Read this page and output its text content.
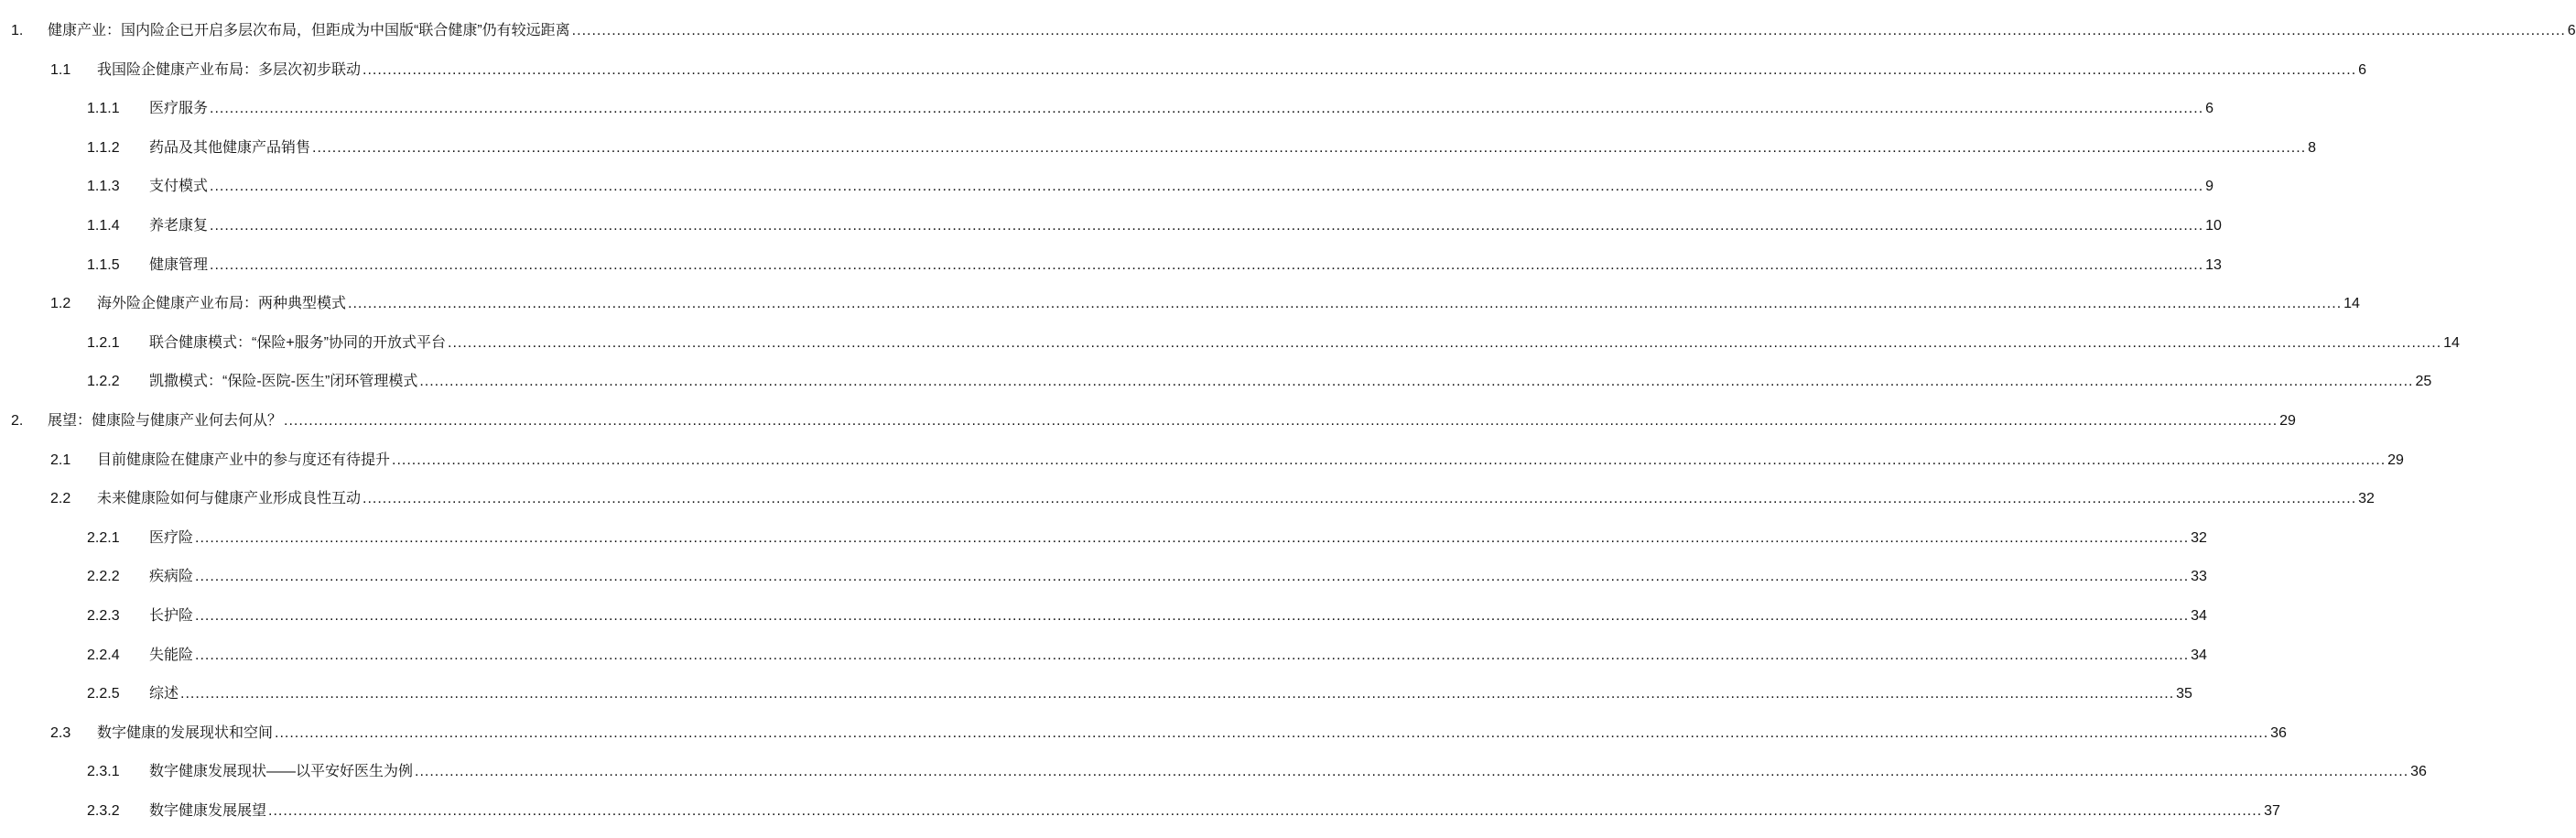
1. 健康产业：国内险企已开启多层次布局，但距成为中国版“联合健康”仍有较远距离 ................................................................................................................................................................................................................................................................................................................................................................................................................ 6
1.1 我国险企健康产业布局：多层次初步联动 ................................................................................................................................................................................................................................................................................................................................................................................................................ 6
1.1.1 医疗服务 ................................................................................................................................................................................................................................................................................................................................................................................................................ 6
1.1.2 药品及其他健康产品销售 ................................................................................................................................................................................................................................................................................................................................................................................................................ 8
1.1.3 支付模式 ................................................................................................................................................................................................................................................................................................................................................................................................................ 9
1.1.4 养老康复 ................................................................................................................................................................................................................................................................................................................................................................................................................ 10
1.1.5 健康管理 ................................................................................................................................................................................................................................................................................................................................................................................................................ 13
1.2 海外险企健康产业布局：两种典型模式 ................................................................................................................................................................................................................................................................................................................................................................................................................ 14
1.2.1 联合健康模式：“保险+服务”协同的开放式平台 ................................................................................................................................................................................................................................................................................................................................................................................................................ 14
1.2.2 凯撒模式：“保险-医院-医生”闭环管理模式 ................................................................................................................................................................................................................................................................................................................................................................................................................ 25
2. 展望：健康险与健康产业何去何从？ ................................................................................................................................................................................................................................................................................................................................................................................................................ 29
2.1 目前健康险在健康产业中的参与度还有待提升 ................................................................................................................................................................................................................................................................................................................................................................................................................ 29
2.2 未来健康险如何与健康产业形成良性互动 ................................................................................................................................................................................................................................................................................................................................................................................................................ 32
2.2.1 医疗险 ................................................................................................................................................................................................................................................................................................................................................................................................................ 32
2.2.2 疾病险 ................................................................................................................................................................................................................................................................................................................................................................................................................ 33
2.2.3 长护险 ................................................................................................................................................................................................................................................................................................................................................................................................................ 34
2.2.4 失能险 ................................................................................................................................................................................................................................................................................................................................................................................................................ 34
2.2.5 综述 ................................................................................................................................................................................................................................................................................................................................................................................................................ 35
2.3 数字健康的发展现状和空间 ................................................................................................................................................................................................................................................................................................................................................................................................................ 36
2.3.1 数字健康发展现状——以平安好医生为例 ................................................................................................................................................................................................................................................................................................................................................................................................................ 36
2.3.2 数字健康发展展望 ................................................................................................................................................................................................................................................................................................................................................................................................................ 37
